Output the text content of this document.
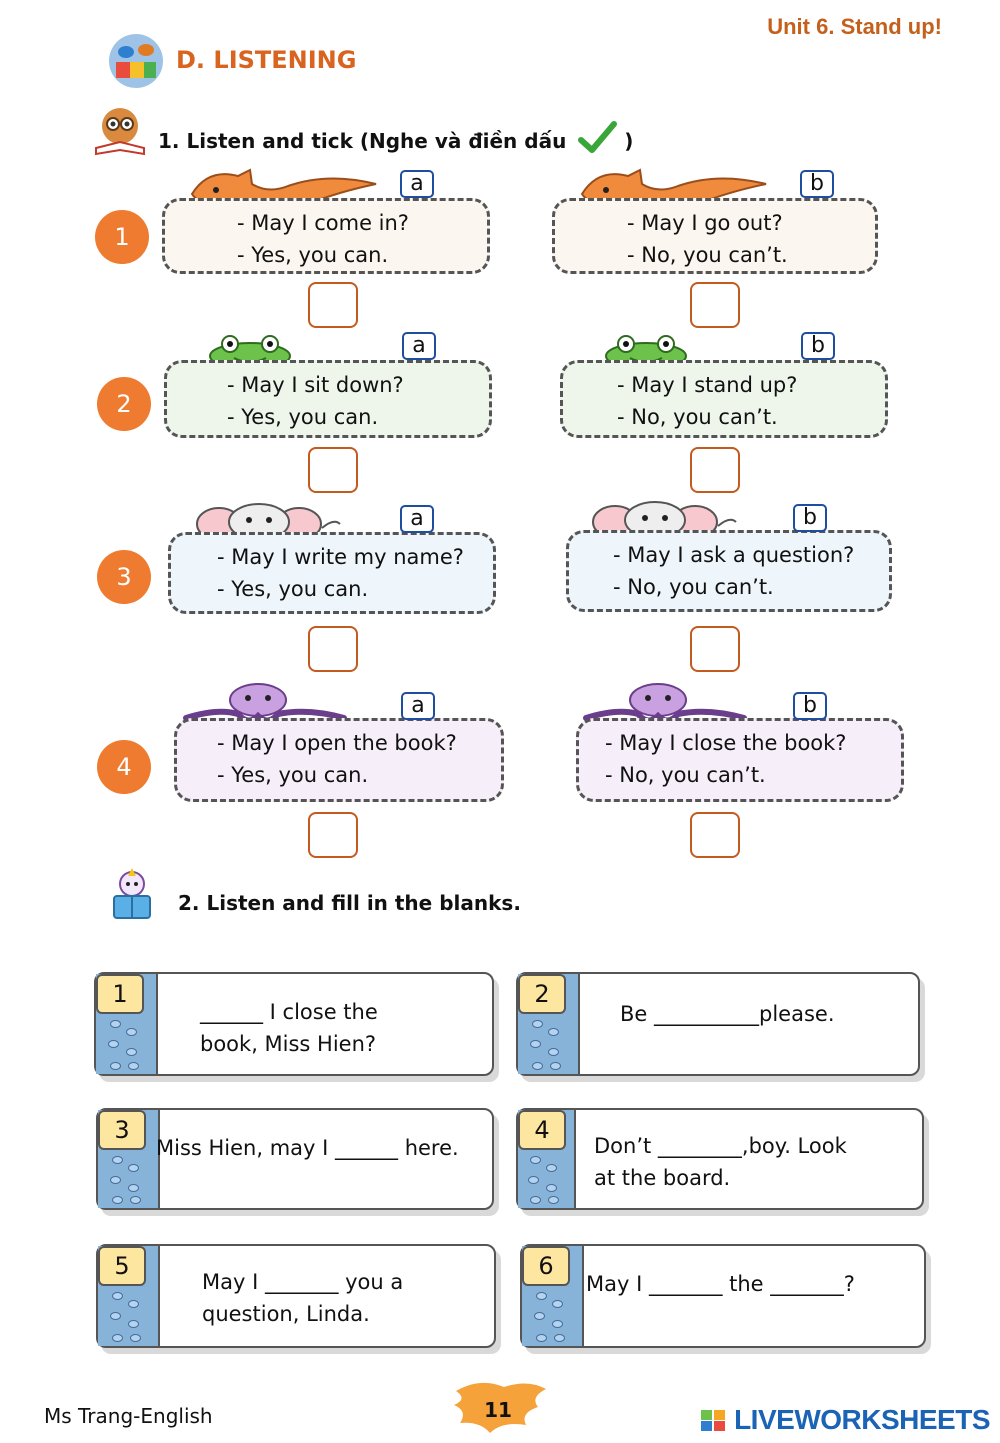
Unit 6. Stand up!
D. LISTENING
1. Listen and tick (Nghe và điền dấu	)
1	- May I come in?
- Yes, you can.
a
- May I go out?
- No, you can’t.
b
2
- May I sit down?
- Yes, you can.
a
- May I stand up?
- No, you can’t.
b
3
- May I write my name?
- Yes, you can.
a
- May I ask a question?
- No, you can’t.
b
4
- May I open the book?
- Yes, you can.
a
- May I close the book?
- No, you can’t.
b
2. Listen and fill in the blanks.
1
______ I close the
book, Miss Hien?
2
Be __________please.
3
Miss Hien, may I ______ here.
4
Don’t ________,boy. Look
at the board.
5
May I _______ you a
question, Linda.
6
May I _______ the _______?
Ms Trang-English	11	LIVEWORKSHEETS
